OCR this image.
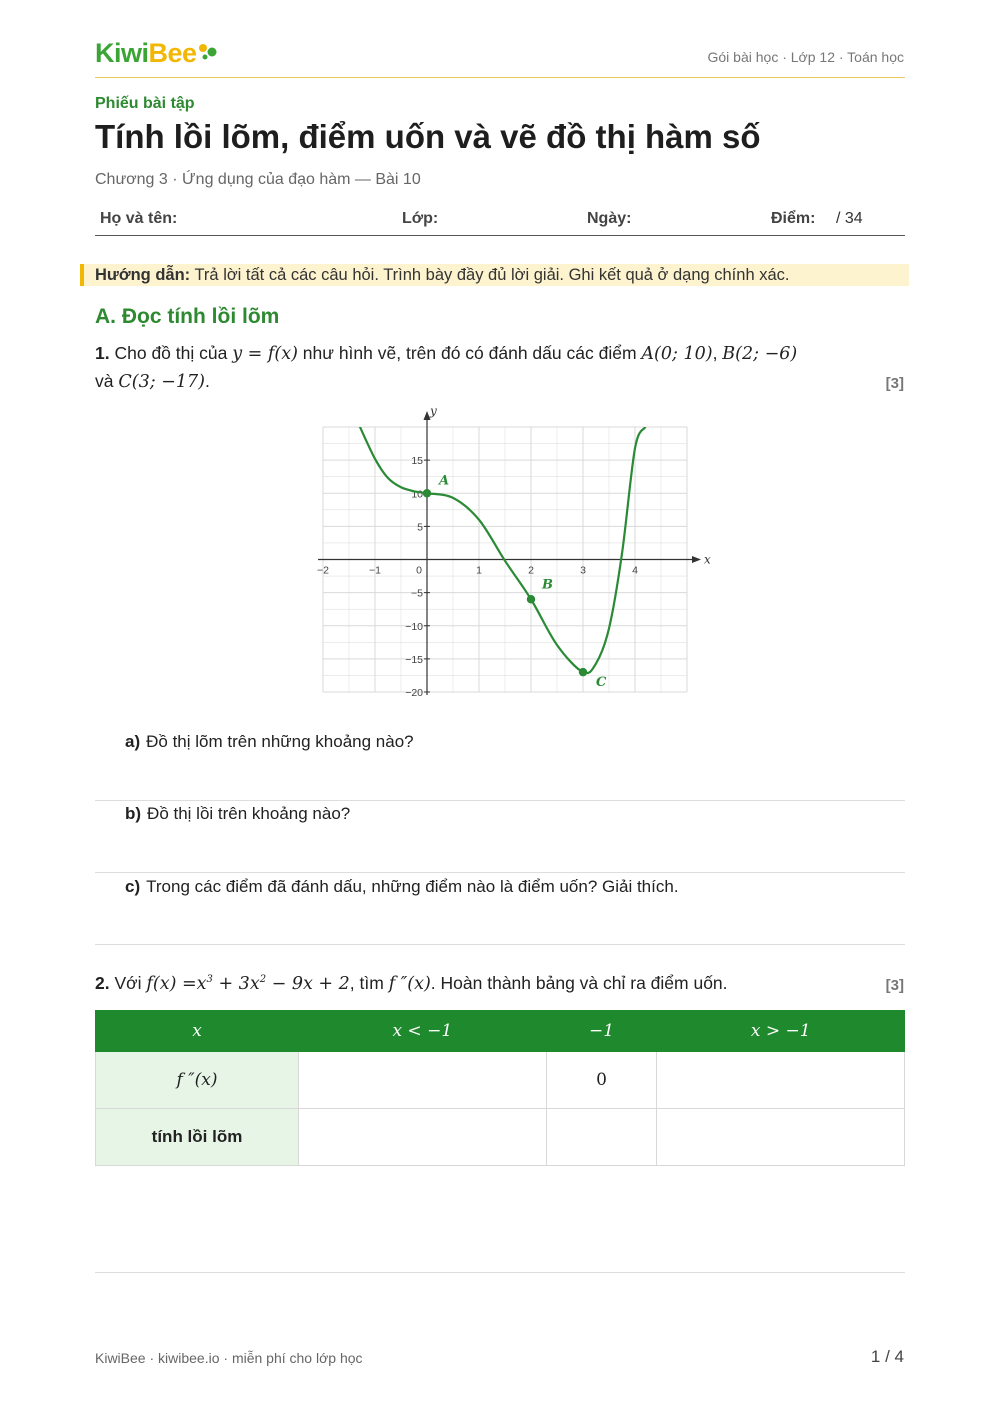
KiwiBee	Gói bài học · Lớp 12 · Toán học
Phiếu bài tập
Tính lồi lõm, điểm uốn và vẽ đồ thị hàm số
Chương 3 · Ứng dụng của đạo hàm — Bài 10
Họ và tên:	Lớp:	Ngày:	Điểm: / 34
Hướng dẫn: Trả lời tất cả các câu hỏi. Trình bày đầy đủ lời giải. Ghi kết quả ở dạng chính xác.
A. Đọc tính lồi lõm
1. Cho đồ thị của y = f(x) như hình vẽ, trên đó có đánh dấu các điểm A(0; 10), B(2; −6)
và C(3; −17).	[3]
x
y
−2	−1	0	1	2	3	4
15
10
5
−5
−10
−15
−20
A
B
C
a) Đồ thị lõm trên những khoảng nào?
b) Đồ thị lồi trên khoảng nào?
c) Trong các điểm đã đánh dấu, những điểm nào là điểm uốn? Giải thích.
2. Với $f(x) =x^3 + 3x^2 - 9x + 2$, tìm f ″(x). Hoàn thành bảng và chỉ ra điểm uốn.	[3]
x	x < −1	−1	x > −1
f ″(x)		0	
tính lồi lõm			
KiwiBee · kiwibee.io · miễn phí cho lớp học	1 / 4
